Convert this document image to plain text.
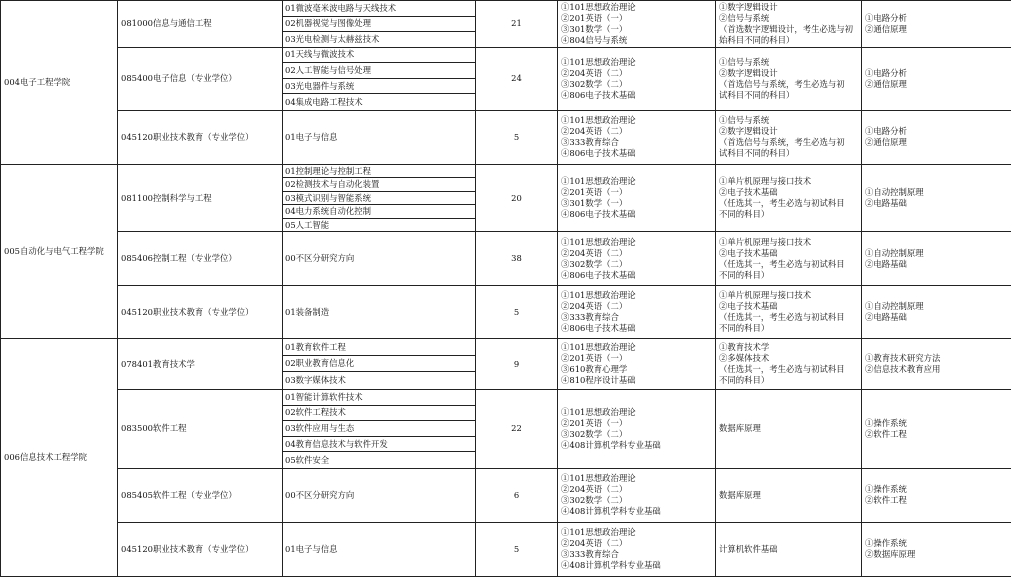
004电子工程学院	081000信息与通信工程	01微波毫米波电路与天线技术	21	①101思想政治理论
②201英语（一）
③301数学（一）
④804信号与系统	①数字逻辑设计
②信号与系统
（首选数字逻辑设计，考生必选与初
始科目不同的科目）	①电路分析
②通信原理

		02机器视觉与图像处理				
		03光电检测与太赫兹技术				
	085400电子信息（专业学位）	01天线与微波技术	24	①101思想政治理论
②204英语（二）
③302数学（二）
④806电子技术基础	①信号与系统
②数字逻辑设计
（首选信号与系统，考生必选与初
试科目不同的科目）	①电路分析
②通信原理

		02人工智能与信号处理				
		03光电器件与系统				
		04集成电路工程技术				
	045120职业技术教育（专业学位）	01电子与信息	5	①101思想政治理论
②204英语（二）
③333教育综合
④806电子技术基础	①信号与系统
②数字逻辑设计
（首选信号与系统，考生必选与初
试科目不同的科目）	①电路分析
②通信原理

005自动化与电气工程学院	081100控制科学与工程	01控制理论与控制工程	20	①101思想政治理论
②201英语（一）
③301数学（一）
④806电子技术基础	①单片机原理与接口技术
②电子技术基础
（任选其一，考生必选与初试科目
不同的科目）	①自动控制原理
②电路基础

		02检测技术与自动化装置				
		03模式识别与智能系统				
		04电力系统自动化控制				
		05人工智能				
	085406控制工程（专业学位）	00不区分研究方向	38	①101思想政治理论
②204英语（二）
③302数学（二）
④806电子技术基础	①单片机原理与接口技术
②电子技术基础
（任选其一，考生必选与初试科目
不同的科目）	①自动控制原理
②电路基础

	045120职业技术教育（专业学位）	01装备制造	5	①101思想政治理论
②204英语（二）
③333教育综合
④806电子技术基础	①单片机原理与接口技术
②电子技术基础
（任选其一，考生必选与初试科目
不同的科目）	①自动控制原理
②电路基础

006信息技术工程学院	078401教育技术学	01教育软件工程	9	①101思想政治理论
②201英语（一）
③610教育心理学
④810程序设计基础	①教育技术学
②多媒体技术
（任选其一，考生必选与初试科目
不同的科目）	①教育技术研究方法
②信息技术教育应用

		02职业教育信息化				
		03数字媒体技术				
	083500软件工程	01智能计算软件技术	22	①101思想政治理论
②201英语（一）
③302数学（二）
④408计算机学科专业基础	数据库原理	①操作系统
②软件工程

		02软件工程技术				
		03软件应用与生态				
		04教育信息技术与软件开发				
		05软件安全				
	085405软件工程（专业学位）	00不区分研究方向	6	①101思想政治理论
②204英语（二）
③302数学（二）
④408计算机学科专业基础	数据库原理	①操作系统
②软件工程

	045120职业技术教育（专业学位）	01电子与信息	5	①101思想政治理论
②204英语（二）
③333教育综合
④408计算机学科专业基础	计算机软件基础	①操作系统
②数据库原理
